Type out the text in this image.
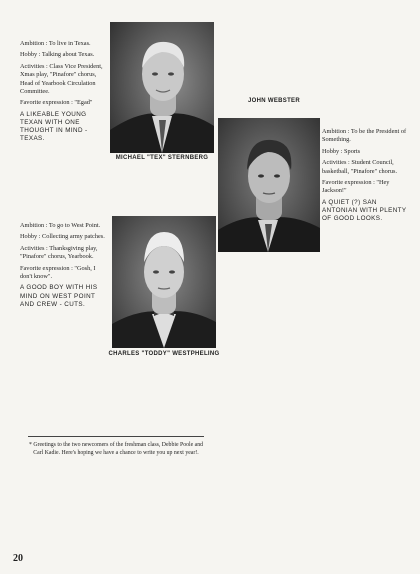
Ambition : To live in Texas.

Hobby : Talking about Texas.

Activities : Class Vice President, Xmas play, "Pinafore" chorus, Head of Yearbook Circulation Committee.

Favorite expression : "Egad"

A LIKEABLE YOUNG TEXAN WITH ONE THOUGHT IN MIND - TEXAS.

MICHAEL "TEX" STERNBERG
JOHN WEBSTER

Ambition : To be the President of Something.

Hobby : Sports

Activities : Student Council, basketball, "Pinafore" chorus.

Favorite expression : "Hey Jackson!"

A QUIET (?) SAN ANTONIAN WITH PLENTY OF GOOD LOOKS.

Ambition : To go to West Point.

Hobby : Collecting army patches.

Activities : Thanksgiving play, "Pinafore" chorus, Yearbook.

Favorite expression : "Gosh, I don't know".

A GOOD BOY WITH HIS MIND ON WEST POINT AND CREW - CUTS.

CHARLES "TODDY" WESTPHELING
* Greetings to the two newcomers of the freshman class, Debbie Poole and Carl Kadie. Here's hoping we have a chance to write you up next year!.
20
